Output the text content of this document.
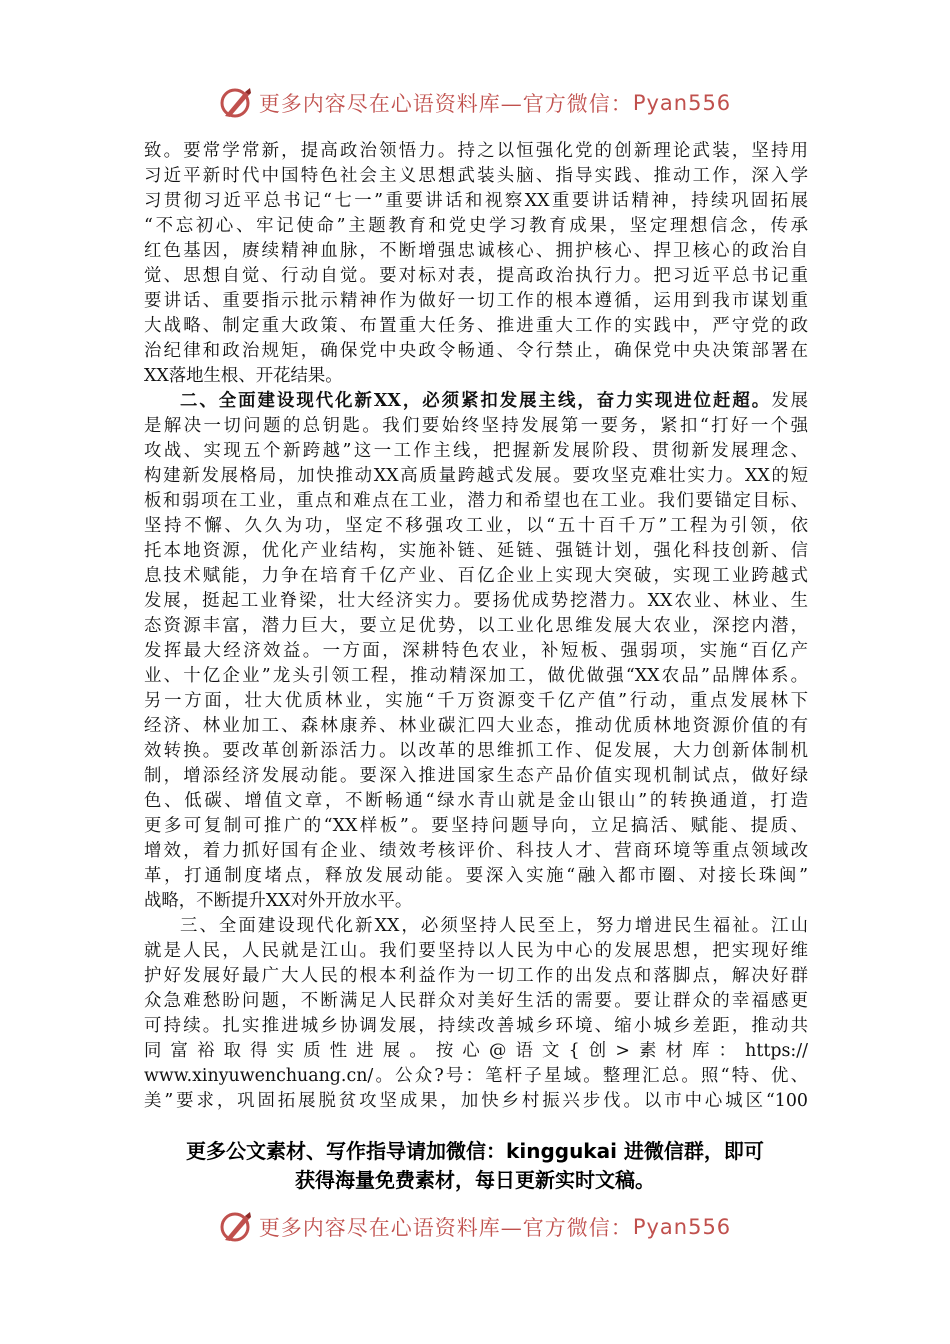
更多内容尽在心语资料库—官方微信： Pyan556
致。要常学常新，提高政治领悟力。持之以恒强化党的创新理论武装，坚持用
习近平新时代中国特色社会主义思想武装头脑、指导实践、推动工作，深入学
习贯彻习近平总书记“七一”重要讲话和视察XX重要讲话精神，持续巩固拓展
“不忘初心、牢记使命”主题教育和党史学习教育成果，坚定理想信念，传承
红色基因，赓续精神血脉，不断增强忠诚核心、拥护核心、捍卫核心的政治自
觉、思想自觉、行动自觉。要对标对表，提高政治执行力。把习近平总书记重
要讲话、重要指示批示精神作为做好一切工作的根本遵循，运用到我市谋划重
大战略、制定重大政策、布置重大任务、推进重大工作的实践中，严守党的政
治纪律和政治规矩，确保党中央政令畅通、令行禁止，确保党中央决策部署在
XX落地生根、开花结果。
二、全面建设现代化新XX，必须紧扣发展主线，奋力实现进位赶超。发展
是解决一切问题的总钥匙。我们要始终坚持发展第一要务，紧扣“打好一个强
攻战、实现五个新跨越”这一工作主线，把握新发展阶段、贯彻新发展理念、
构建新发展格局，加快推动XX高质量跨越式发展。要攻坚克难壮实力。XX的短
板和弱项在工业，重点和难点在工业，潜力和希望也在工业。我们要锚定目标、
坚持不懈、久久为功，坚定不移强攻工业，以“五十百千万”工程为引领，依
托本地资源，优化产业结构，实施补链、延链、强链计划，强化科技创新、信
息技术赋能，力争在培育千亿产业、百亿企业上实现大突破，实现工业跨越式
发展，挺起工业脊梁，壮大经济实力。要扬优成势挖潜力。XX农业、林业、生
态资源丰富，潜力巨大，要立足优势，以工业化思维发展大农业，深挖内潜，
发挥最大经济效益。一方面，深耕特色农业，补短板、强弱项，实施“百亿产
业、十亿企业”龙头引领工程，推动精深加工，做优做强“XX农品”品牌体系。
另一方面，壮大优质林业，实施“千万资源变千亿产值”行动，重点发展林下
经济、林业加工、森林康养、林业碳汇四大业态，推动优质林地资源价值的有
效转换。要改革创新添活力。以改革的思维抓工作、促发展，大力创新体制机
制，增添经济发展动能。要深入推进国家生态产品价值实现机制试点，做好绿
色、低碳、增值文章，不断畅通“绿水青山就是金山银山”的转换通道，打造
更多可复制可推广的“XX样板”。要坚持问题导向，立足搞活、赋能、提质、
增效，着力抓好国有企业、绩效考核评价、科技人才、营商环境等重点领域改
革，打通制度堵点，释放发展动能。要深入实施“融入都市圈、对接长珠闽”
战略，不断提升XX对外开放水平。
三、全面建设现代化新XX，必须坚持人民至上，努力增进民生福祉。江山
就是人民，人民就是江山。我们要坚持以人民为中心的发展思想，把实现好维
护好发展好最广大人民的根本利益作为一切工作的出发点和落脚点，解决好群
众急难愁盼问题，不断满足人民群众对美好生活的需要。要让群众的幸福感更
可持续。扎实推进城乡协调发展，持续改善城乡环境、缩小城乡差距，推动共
同富裕取得实质性进展。按心@语文{创>素材库：https://
www.xinyuwenchuang.cn/。公众?号：笔杆子星域。整理汇总。照“特、优、
美”要求，巩固拓展脱贫攻坚成果，加快乡村振兴步伐。以市中心城区“100
更多公文素材、写作指导请加微信：kinggukai 进微信群，即可
获得海量免费素材，每日更新实时文稿。
更多内容尽在心语资料库—官方微信： Pyan556
